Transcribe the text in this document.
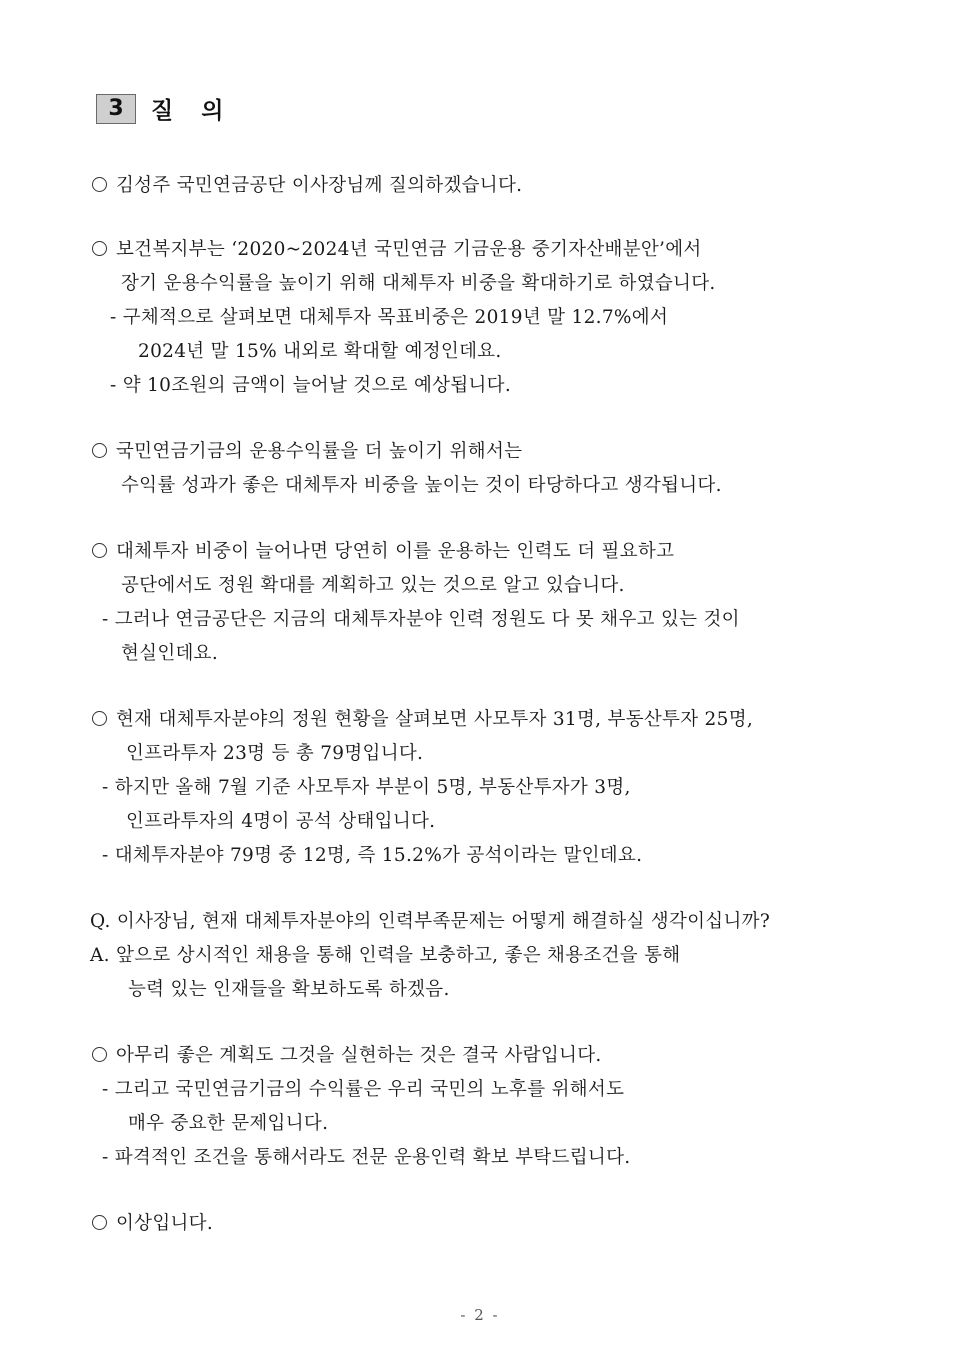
3	질 의
김성주 국민연금공단 이사장님께 질의하겠습니다.
보건복지부는 ‘2020~2024년 국민연금 기금운용 중기자산배분안’에서
장기 운용수익률을 높이기 위해 대체투자 비중을 확대하기로 하였습니다.
- 구체적으로 살펴보면 대체투자 목표비중은 2019년 말 12.7%에서
2024년 말 15% 내외로 확대할 예정인데요.
- 약 10조원의 금액이 늘어날 것으로 예상됩니다.
국민연금기금의 운용수익률을 더 높이기 위해서는
수익률 성과가 좋은 대체투자 비중을 높이는 것이 타당하다고 생각됩니다.
대체투자 비중이 늘어나면 당연히 이를 운용하는 인력도 더 필요하고
공단에서도 정원 확대를 계획하고 있는 것으로 알고 있습니다.
- 그러나 연금공단은 지금의 대체투자분야 인력 정원도 다 못 채우고 있는 것이
현실인데요.
현재 대체투자분야의 정원 현황을 살펴보면 사모투자 31명, 부동산투자 25명,
인프라투자 23명 등 총 79명입니다.
- 하지만 올해 7월 기준 사모투자 부분이 5명, 부동산투자가 3명,
인프라투자의 4명이 공석 상태입니다.
- 대체투자분야 79명 중 12명, 즉 15.2%가 공석이라는 말인데요.
Q. 이사장님, 현재 대체투자분야의 인력부족문제는 어떻게 해결하실 생각이십니까?
A. 앞으로 상시적인 채용을 통해 인력을 보충하고, 좋은 채용조건을 통해
능력 있는 인재들을 확보하도록 하겠음.
아무리 좋은 계획도 그것을 실현하는 것은 결국 사람입니다.
- 그리고 국민연금기금의 수익률은 우리 국민의 노후를 위해서도
매우 중요한 문제입니다.
- 파격적인 조건을 통해서라도 전문 운용인력 확보 부탁드립니다.
이상입니다.
- 2 -
